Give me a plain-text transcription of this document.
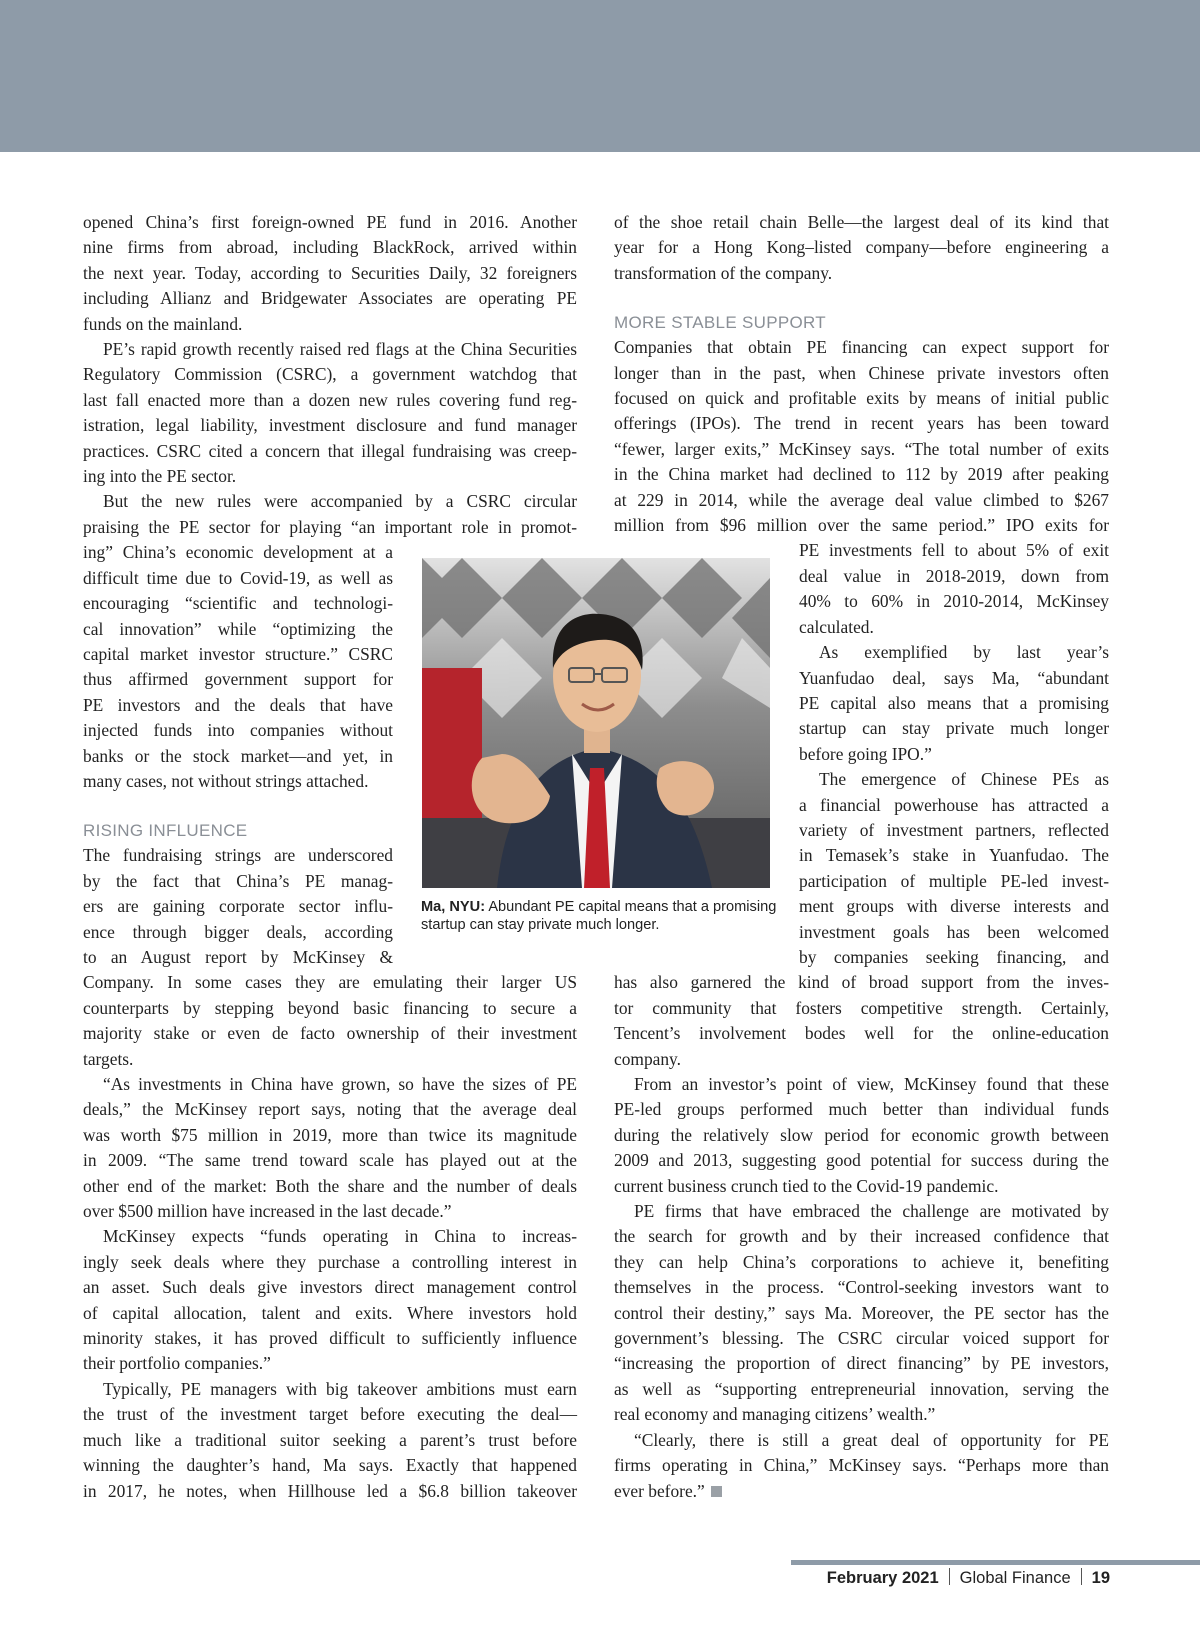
opened China’s first foreign-owned PE fund in 2016. Another
nine firms from abroad, including BlackRock, arrived within
the next year. Today, according to Securities Daily, 32 foreigners
including Allianz and Bridgewater Associates are operating PE
funds on the mainland.
PE’s rapid growth recently raised red flags at the China Securities
Regulatory Commission (CSRC), a government watchdog that
last fall enacted more than a dozen new rules covering fund reg-
istration, legal liability, investment disclosure and fund manager
practices. CSRC cited a concern that illegal fundraising was creep-
ing into the PE sector.
But the new rules were accompanied by a CSRC circular
praising the PE sector for playing “an important role in promot-
ing” China’s economic development at a
difficult time due to Covid-19, as well as
encouraging “scientific and technologi-
cal innovation” while “optimizing the
capital market investor structure.” CSRC
thus affirmed government support for
PE investors and the deals that have
injected funds into companies without
banks or the stock market—and yet, in
many cases, not without strings attached.
RISING INFLUENCE
The fundraising strings are underscored
by the fact that China’s PE manag-
ers are gaining corporate sector influ-
ence through bigger deals, according
to an August report by McKinsey &
Company. In some cases they are emulating their larger US
counterparts by stepping beyond basic financing to secure a
majority stake or even de facto ownership of their investment
targets.
“As investments in China have grown, so have the sizes of PE
deals,” the McKinsey report says, noting that the average deal
was worth $75 million in 2019, more than twice its magnitude
in 2009. “The same trend toward scale has played out at the
other end of the market: Both the share and the number of deals
over $500 million have increased in the last decade.”
McKinsey expects “funds operating in China to increas-
ingly seek deals where they purchase a controlling interest in
an asset. Such deals give investors direct management control
of capital allocation, talent and exits. Where investors hold
minority stakes, it has proved difficult to sufficiently influence
their portfolio companies.”
Typically, PE managers with big takeover ambitions must earn
the trust of the investment target before executing the deal—
much like a traditional suitor seeking a parent’s trust before
winning the daughter’s hand, Ma says. Exactly that happened
in 2017, he notes, when Hillhouse led a $6.8 billion takeover
of the shoe retail chain Belle—the largest deal of its kind that
year for a Hong Kong–listed company—before engineering a
transformation of the company.
MORE STABLE SUPPORT
Companies that obtain PE financing can expect support for
longer than in the past, when Chinese private investors often
focused on quick and profitable exits by means of initial public
offerings (IPOs). The trend in recent years has been toward
“fewer, larger exits,” McKinsey says. “The total number of exits
in the China market had declined to 112 by 2019 after peaking
at 229 in 2014, while the average deal value climbed to $267
million from $96 million over the same period.” IPO exits for
PE investments fell to about 5% of exit
deal value in 2018-2019, down from
40% to 60% in 2010-2014, McKinsey
calculated.
As exemplified by last year’s
Yuanfudao deal, says Ma, “abundant
PE capital also means that a promising
startup can stay private much longer
before going IPO.”
The emergence of Chinese PEs as
a financial powerhouse has attracted a
variety of investment partners, reflected
in Temasek’s stake in Yuanfudao. The
participation of multiple PE-led invest-
ment groups with diverse interests and
investment goals has been welcomed
by companies seeking financing, and
has also garnered the kind of broad support from the inves-
tor community that fosters competitive strength. Certainly,
Tencent’s involvement bodes well for the online-education
company.
From an investor’s point of view, McKinsey found that these
PE-led groups performed much better than individual funds
during the relatively slow period for economic growth between
2009 and 2013, suggesting good potential for success during the
current business crunch tied to the Covid-19 pandemic.
PE firms that have embraced the challenge are motivated by
the search for growth and by their increased confidence that
they can help China’s corporations to achieve it, benefiting
themselves in the process. “Control-seeking investors want to
control their destiny,” says Ma. Moreover, the PE sector has the
government’s blessing. The CSRC circular voiced support for
“increasing the proportion of direct financing” by PE investors,
as well as “supporting entrepreneurial innovation, serving the
real economy and managing citizens’ wealth.”
“Clearly, there is still a great deal of opportunity for PE
firms operating in China,” McKinsey says. “Perhaps more than
ever before.”
Ma, NYU: Abundant PE capital means that a promising startup can stay private much longer.
February 2021 Global Finance 19
